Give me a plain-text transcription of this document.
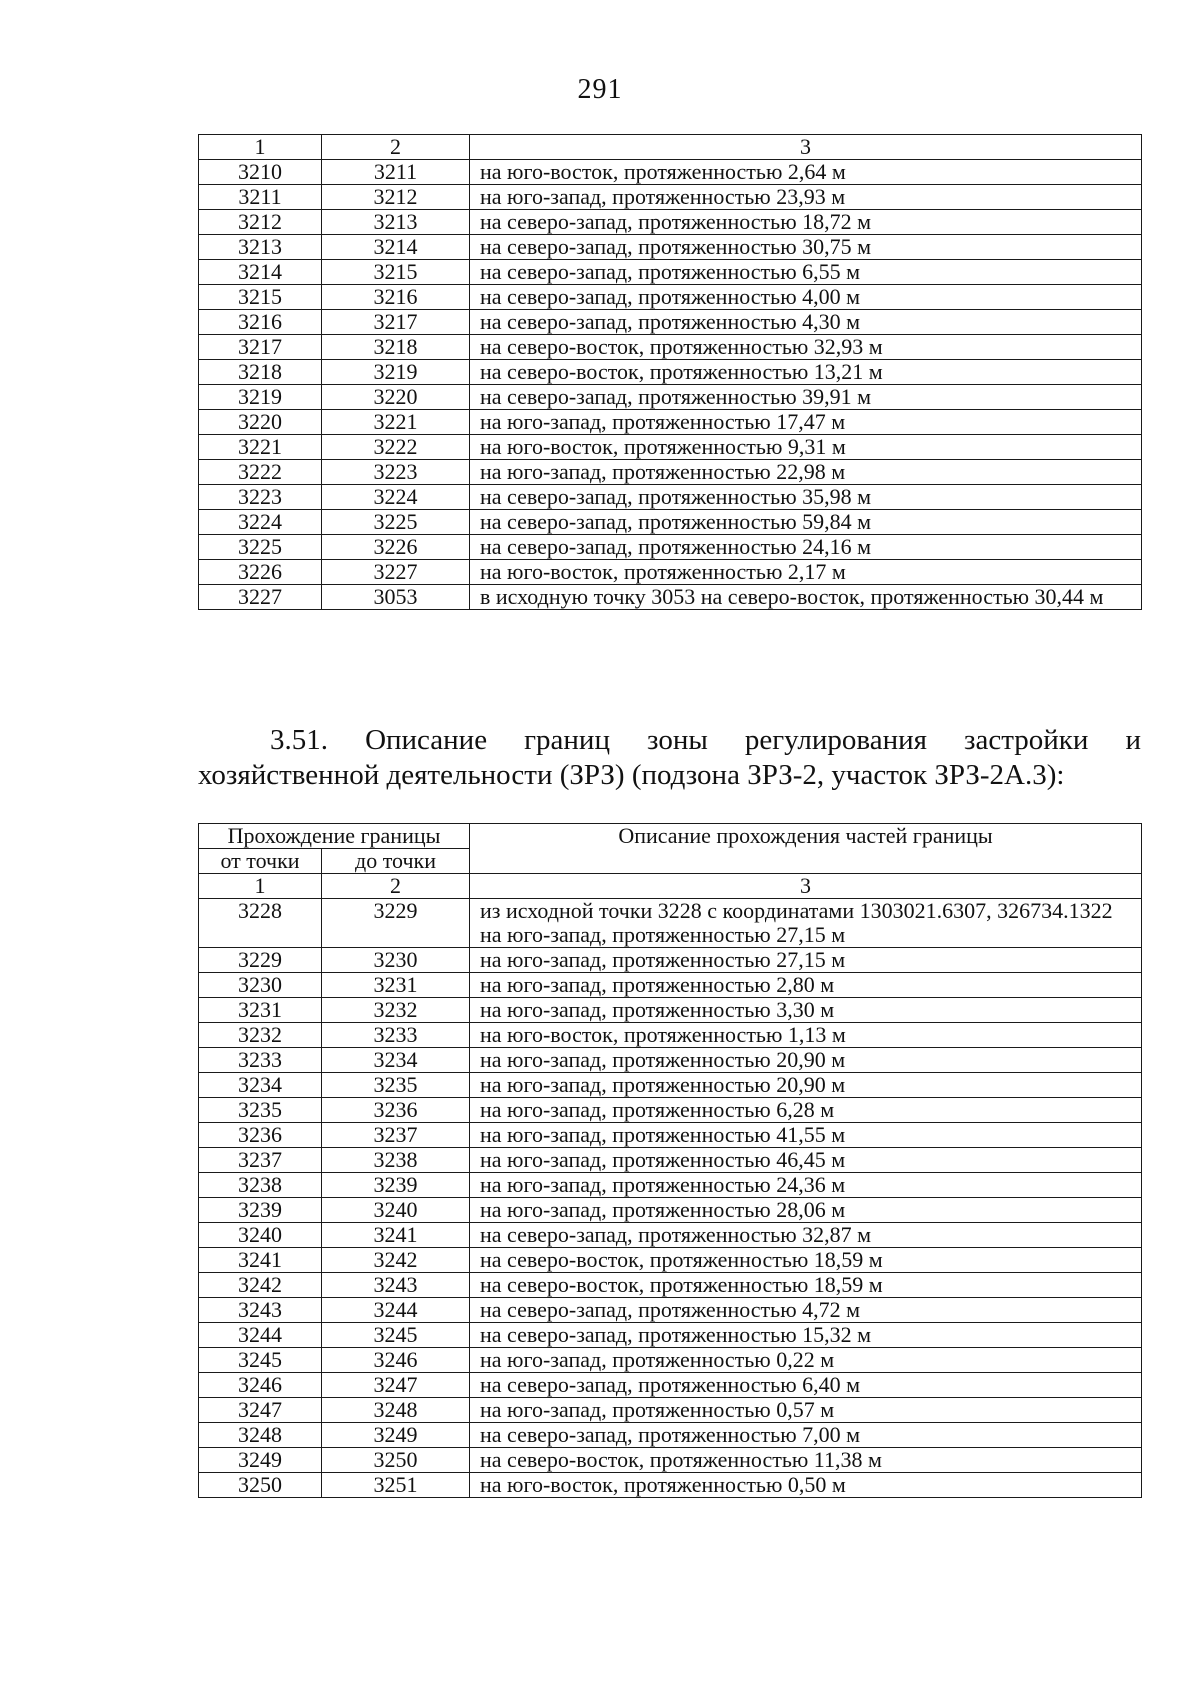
291
1	2	3
3210	3211	на юго-восток, протяженностью 2,64 м
3211	3212	на юго-запад, протяженностью 23,93 м
3212	3213	на северо-запад, протяженностью 18,72 м
3213	3214	на северо-запад, протяженностью 30,75 м
3214	3215	на северо-запад, протяженностью 6,55 м
3215	3216	на северо-запад, протяженностью 4,00 м
3216	3217	на северо-запад, протяженностью 4,30 м
3217	3218	на северо-восток, протяженностью 32,93 м
3218	3219	на северо-восток, протяженностью 13,21 м
3219	3220	на северо-запад, протяженностью 39,91 м
3220	3221	на юго-запад, протяженностью 17,47 м
3221	3222	на юго-восток, протяженностью 9,31 м
3222	3223	на юго-запад, протяженностью 22,98 м
3223	3224	на северо-запад, протяженностью 35,98 м
3224	3225	на северо-запад, протяженностью 59,84 м
3225	3226	на северо-запад, протяженностью 24,16 м
3226	3227	на юго-восток, протяженностью 2,17 м
3227	3053	в исходную точку 3053 на северо-восток, протяженностью 30,44 м
3.51. Описание границ зоны регулирования застройки и хозяйственной деятельности (ЗРЗ) (подзона ЗРЗ-2, участок ЗРЗ-2А.3):
Прохождение границы		Описание прохождения частей границы
от точки	до точки	
1	2	3
3228	3229	из исходной точки 3228 с координатами 1303021.6307, 326734.1322 на юго-запад, протяженностью 27,15 м
3229	3230	на юго-запад, протяженностью 27,15 м
3230	3231	на юго-запад, протяженностью 2,80 м
3231	3232	на юго-запад, протяженностью 3,30 м
3232	3233	на юго-восток, протяженностью 1,13 м
3233	3234	на юго-запад, протяженностью 20,90 м
3234	3235	на юго-запад, протяженностью 20,90 м
3235	3236	на юго-запад, протяженностью 6,28 м
3236	3237	на юго-запад, протяженностью 41,55 м
3237	3238	на юго-запад, протяженностью 46,45 м
3238	3239	на юго-запад, протяженностью 24,36 м
3239	3240	на юго-запад, протяженностью 28,06 м
3240	3241	на северо-запад, протяженностью 32,87 м
3241	3242	на северо-восток, протяженностью 18,59 м
3242	3243	на северо-восток, протяженностью 18,59 м
3243	3244	на северо-запад, протяженностью 4,72 м
3244	3245	на северо-запад, протяженностью 15,32 м
3245	3246	на юго-запад, протяженностью 0,22 м
3246	3247	на северо-запад, протяженностью 6,40 м
3247	3248	на юго-запад, протяженностью 0,57 м
3248	3249	на северо-запад, протяженностью 7,00 м
3249	3250	на северо-восток, протяженностью 11,38 м
3250	3251	на юго-восток, протяженностью 0,50 м
